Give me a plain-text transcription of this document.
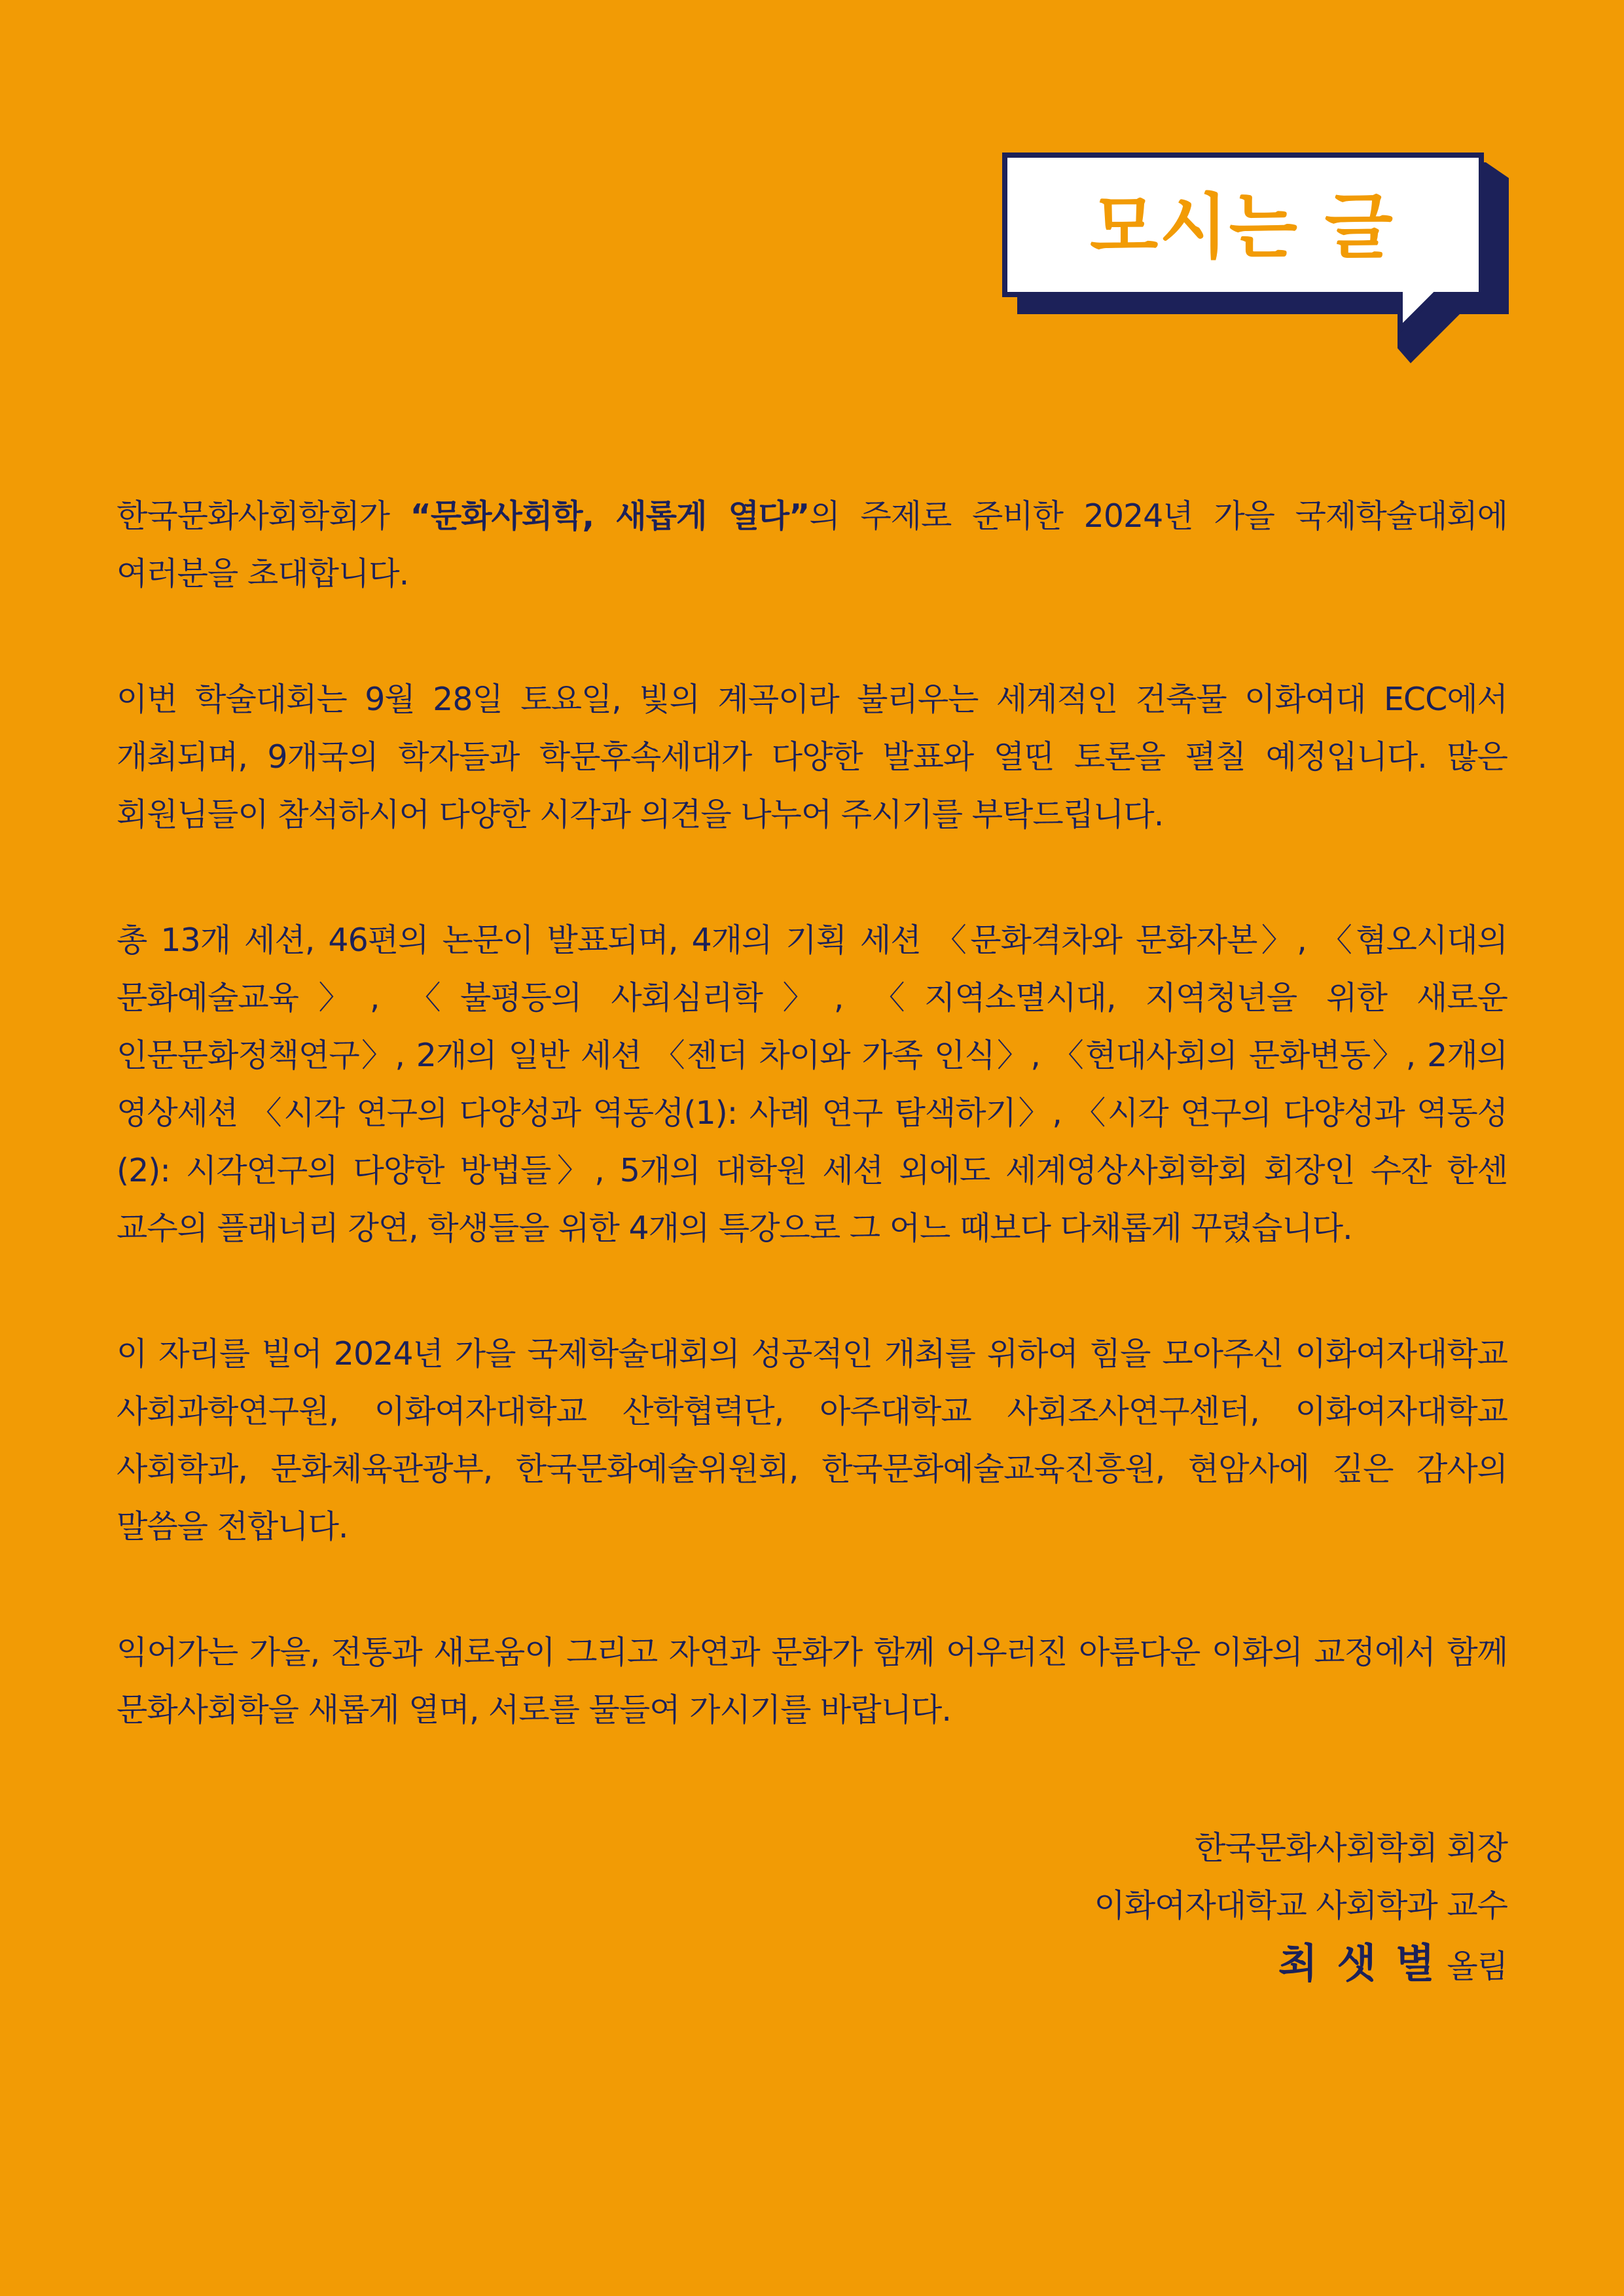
모시는 글

한국문화사회학회가 “문화사회학, 새롭게 열다”의 주제로 준비한 2024년 가을 국제학술대회에 여러분을 초대합니다.

이번 학술대회는 9월 28일 토요일, 빛의 계곡이라 불리우는 세계적인 건축물 이화여대 ECC에서 개최되며, 9개국의 학자들과 학문후속세대가 다양한 발표와 열띤 토론을 펼칠 예정입니다. 많은 회원님들이 참석하시어 다양한 시각과 의견을 나누어 주시기를 부탁드립니다.

총 13개 세션, 46편의 논문이 발표되며, 4개의 기획 세션 〈문화격차와 문화자본〉, 〈혐오시대의 문화예술교육〉, 〈불평등의 사회심리학〉, 〈지역소멸시대, 지역청년을 위한 새로운 인문문화정책연구〉, 2개의 일반 세션 〈젠더 차이와 가족 인식〉, 〈현대사회의 문화변동〉, 2개의 영상세션 〈시각 연구의 다양성과 역동성(1): 사례 연구 탐색하기〉, 〈시각 연구의 다양성과 역동성(2): 시각연구의 다양한 방법들〉, 5개의 대학원 세션 외에도 세계영상사회학회 회장인 수잔 한센 교수의 플래너리 강연, 학생들을 위한 4개의 특강으로 그 어느 때보다 다채롭게 꾸렸습니다.

이 자리를 빌어 2024년 가을 국제학술대회의 성공적인 개최를 위하여 힘을 모아주신 이화여자대학교 사회과학연구원, 이화여자대학교 산학협력단, 아주대학교 사회조사연구센터, 이화여자대학교 사회학과, 문화체육관광부, 한국문화예술위원회, 한국문화예술교육진흥원, 현암사에 깊은 감사의 말씀을 전합니다.

익어가는 가을, 전통과 새로움이 그리고 자연과 문화가 함께 어우러진 아름다운 이화의 교정에서 함께 문화사회학을 새롭게 열며, 서로를 물들여 가시기를 바랍니다.

한국문화사회학회 회장
이화여자대학교 사회학과 교수
최 샛 별 올림
